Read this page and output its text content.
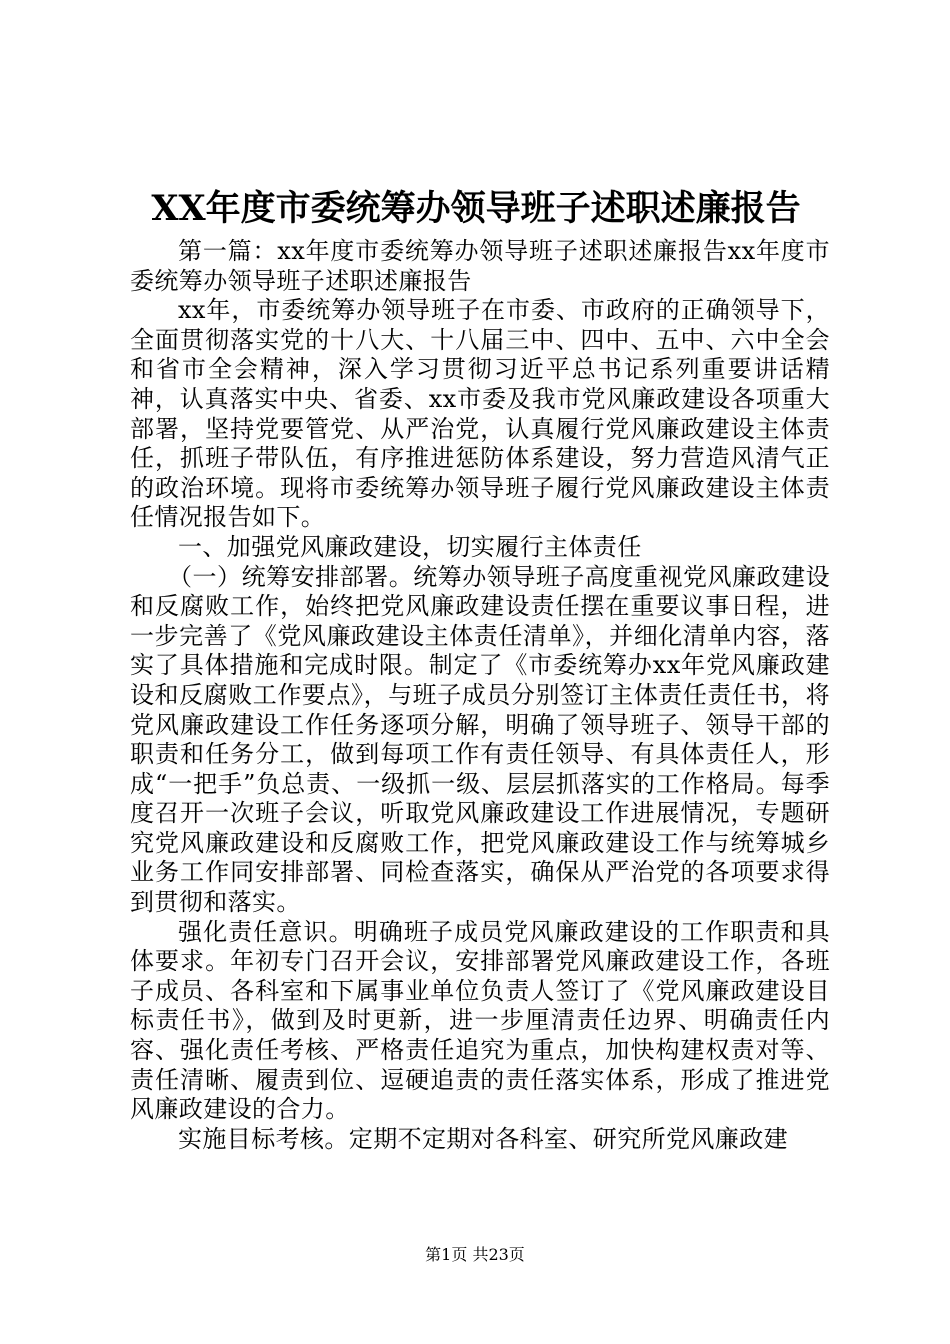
XX年度市委统筹办领导班子述职述廉报告

第一篇：xx年度市委统筹办领导班子述职述廉报告xx年度市委统筹办领导班子述职述廉报告

xx年，市委统筹办领导班子在市委、市政府的正确领导下，全面贯彻落实党的十八大、十八届三中、四中、五中、六中全会和省市全会精神，深入学习贯彻习近平总书记系列重要讲话精神，认真落实中央、省委、xx市委及我市党风廉政建设各项重大部署，坚持党要管党、从严治党，认真履行党风廉政建设主体责任，抓班子带队伍，有序推进惩防体系建设，努力营造风清气正的政治环境。现将市委统筹办领导班子履行党风廉政建设主体责任情况报告如下。

一、加强党风廉政建设，切实履行主体责任

（一）统筹安排部署。统筹办领导班子高度重视党风廉政建设和反腐败工作，始终把党风廉政建设责任摆在重要议事日程，进一步完善了《党风廉政建设主体责任清单》，并细化清单内容，落实了具体措施和完成时限。制定了《市委统筹办xx年党风廉政建设和反腐败工作要点》，与班子成员分别签订主体责任责任书，将党风廉政建设工作任务逐项分解，明确了领导班子、领导干部的职责和任务分工，做到每项工作有责任领导、有具体责任人，形成“一把手”负总责、一级抓一级、层层抓落实的工作格局。每季度召开一次班子会议，听取党风廉政建设工作进展情况，专题研究党风廉政建设和反腐败工作，把党风廉政建设工作与统筹城乡业务工作同安排部署、同检查落实，确保从严治党的各项要求得到贯彻和落实。

强化责任意识。明确班子成员党风廉政建设的工作职责和具体要求。年初专门召开会议，安排部署党风廉政建设工作，各班子成员、各科室和下属事业单位负责人签订了《党风廉政建设目标责任书》，做到及时更新，进一步厘清责任边界、明确责任内容、强化责任考核、严格责任追究为重点，加快构建权责对等、责任清晰、履责到位、逗硬追责的责任落实体系，形成了推进党风廉政建设的合力。

实施目标考核。定期不定期对各科室、研究所党风廉政建

第1页 共23页
